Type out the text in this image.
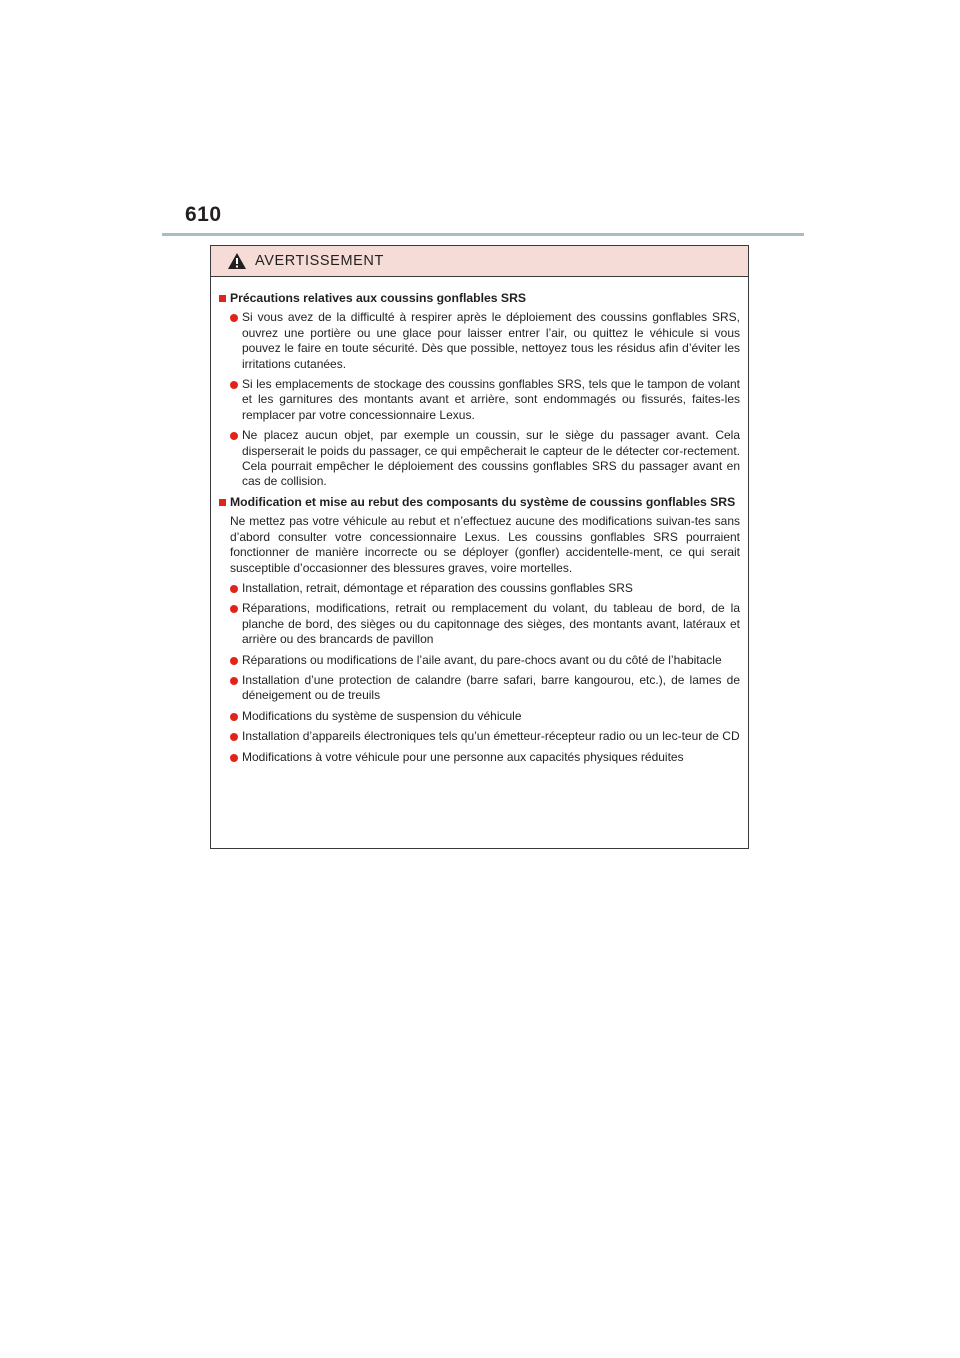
610
AVERTISSEMENT
Précautions relatives aux coussins gonflables SRS
Si vous avez de la difficulté à respirer après le déploiement des coussins gonflables SRS, ouvrez une portière ou une glace pour laisser entrer l’air, ou quittez le véhicule si vous pouvez le faire en toute sécurité. Dès que possible, nettoyez tous les résidus afin d’éviter les irritations cutanées.
Si les emplacements de stockage des coussins gonflables SRS, tels que le tampon de volant et les garnitures des montants avant et arrière, sont endommagés ou fissurés, faites-les remplacer par votre concessionnaire Lexus.
Ne placez aucun objet, par exemple un coussin, sur le siège du passager avant. Cela disperserait le poids du passager, ce qui empêcherait le capteur de le détecter cor-rectement. Cela pourrait empêcher le déploiement des coussins gonflables SRS du passager avant en cas de collision.
Modification et mise au rebut des composants du système de coussins gonflables SRS
Ne mettez pas votre véhicule au rebut et n’effectuez aucune des modifications suivan-tes sans d’abord consulter votre concessionnaire Lexus. Les coussins gonflables SRS pourraient fonctionner de manière incorrecte ou se déployer (gonfler) accidentelle-ment, ce qui serait susceptible d’occasionner des blessures graves, voire mortelles.
Installation, retrait, démontage et réparation des coussins gonflables SRS
Réparations, modifications, retrait ou remplacement du volant, du tableau de bord, de la planche de bord, des sièges ou du capitonnage des sièges, des montants avant, latéraux et arrière ou des brancards de pavillon
Réparations ou modifications de l’aile avant, du pare-chocs avant ou du côté de l’habitacle
Installation d’une protection de calandre (barre safari, barre kangourou, etc.), de lames de déneigement ou de treuils
Modifications du système de suspension du véhicule
Installation d’appareils électroniques tels qu’un émetteur-récepteur radio ou un lec-teur de CD
Modifications à votre véhicule pour une personne aux capacités physiques réduites
